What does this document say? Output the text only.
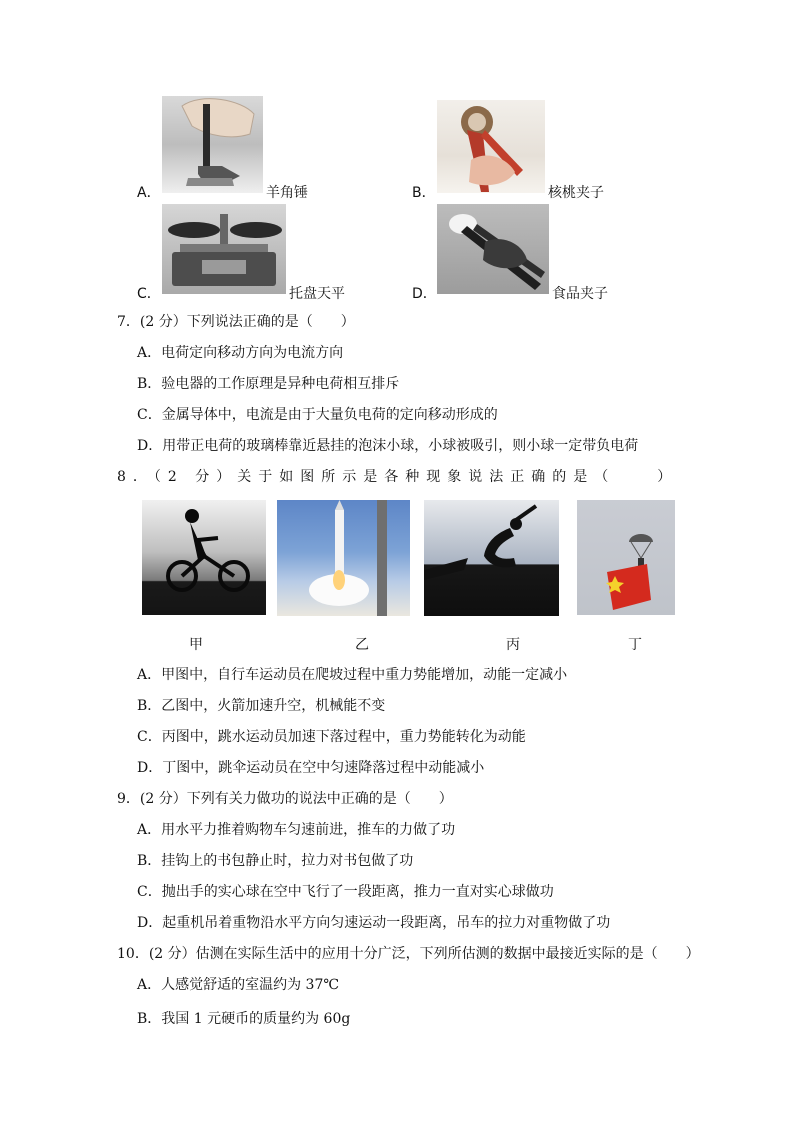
A．	羊角锤	B．	核桃夹子
C．	托盘天平	D．	食品夹子
7．(2 分）下列说法正确的是（　　）
A．电荷定向移动方向为电流方向
B．验电器的工作原理是异种电荷相互排斥
C．金属导体中，电流是由于大量负电荷的定向移动形成的
D．用带正电荷的玻璃棒靠近悬挂的泡沫小球，小球被吸引，则小球一定带负电荷
8．（2 分）关于如图所示是各种现象说法正确的是（　　）
甲	乙	丙	丁
A．甲图中，自行车运动员在爬坡过程中重力势能增加，动能一定减小
B．乙图中，火箭加速升空，机械能不变
C．丙图中，跳水运动员加速下落过程中，重力势能转化为动能
D．丁图中，跳伞运动员在空中匀速降落过程中动能减小
9．(2 分）下列有关力做功的说法中正确的是（　　）
A．用水平力推着购物车匀速前进，推车的力做了功
B．挂钩上的书包静止时，拉力对书包做了功
C．抛出手的实心球在空中飞行了一段距离，推力一直对实心球做功
D．起重机吊着重物沿水平方向匀速运动一段距离，吊车的拉力对重物做了功
10．(2 分）估测在实际生活中的应用十分广泛，下列所估测的数据中最接近实际的是（　　）
A．人感觉舒适的室温约为 37℃
B．我国 1 元硬币的质量约为 60g
